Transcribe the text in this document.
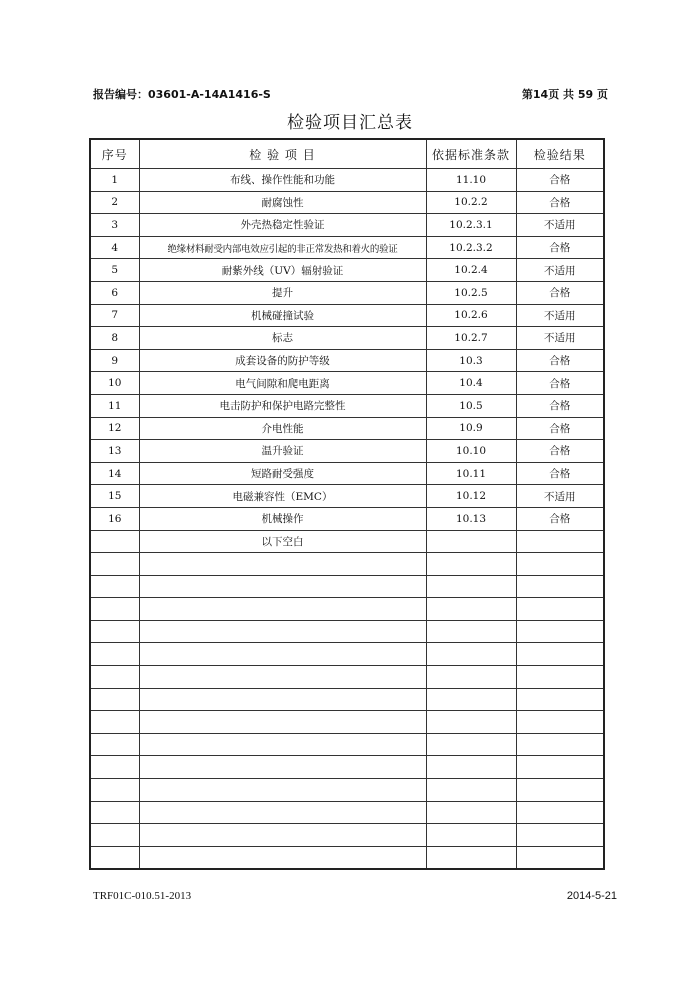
报告编号：03601-A-14A1416-S	第14页 共 59 页
检验项目汇总表
序号	检 验 项 目	依据标准条款	检验结果
1	布线、操作性能和功能	11.10	合格
2	耐腐蚀性	10.2.2	合格
3	外壳热稳定性验证	10.2.3.1	不适用
4	绝缘材料耐受内部电效应引起的非正常发热和着火的验证	10.2.3.2	合格
5	耐紫外线（UV）辐射验证	10.2.4	不适用
6	提升	10.2.5	合格
7	机械碰撞试验	10.2.6	不适用
8	标志	10.2.7	不适用
9	成套设备的防护等级	10.3	合格
10	电气间隙和爬电距离	10.4	合格
11	电击防护和保护电路完整性	10.5	合格
12	介电性能	10.9	合格
13	温升验证	10.10	合格
14	短路耐受强度	10.11	合格
15	电磁兼容性（EMC）	10.12	不适用
16	机械操作	10.13	合格
	以下空白		

TRF01C-010.51-2013	2014-5-21
